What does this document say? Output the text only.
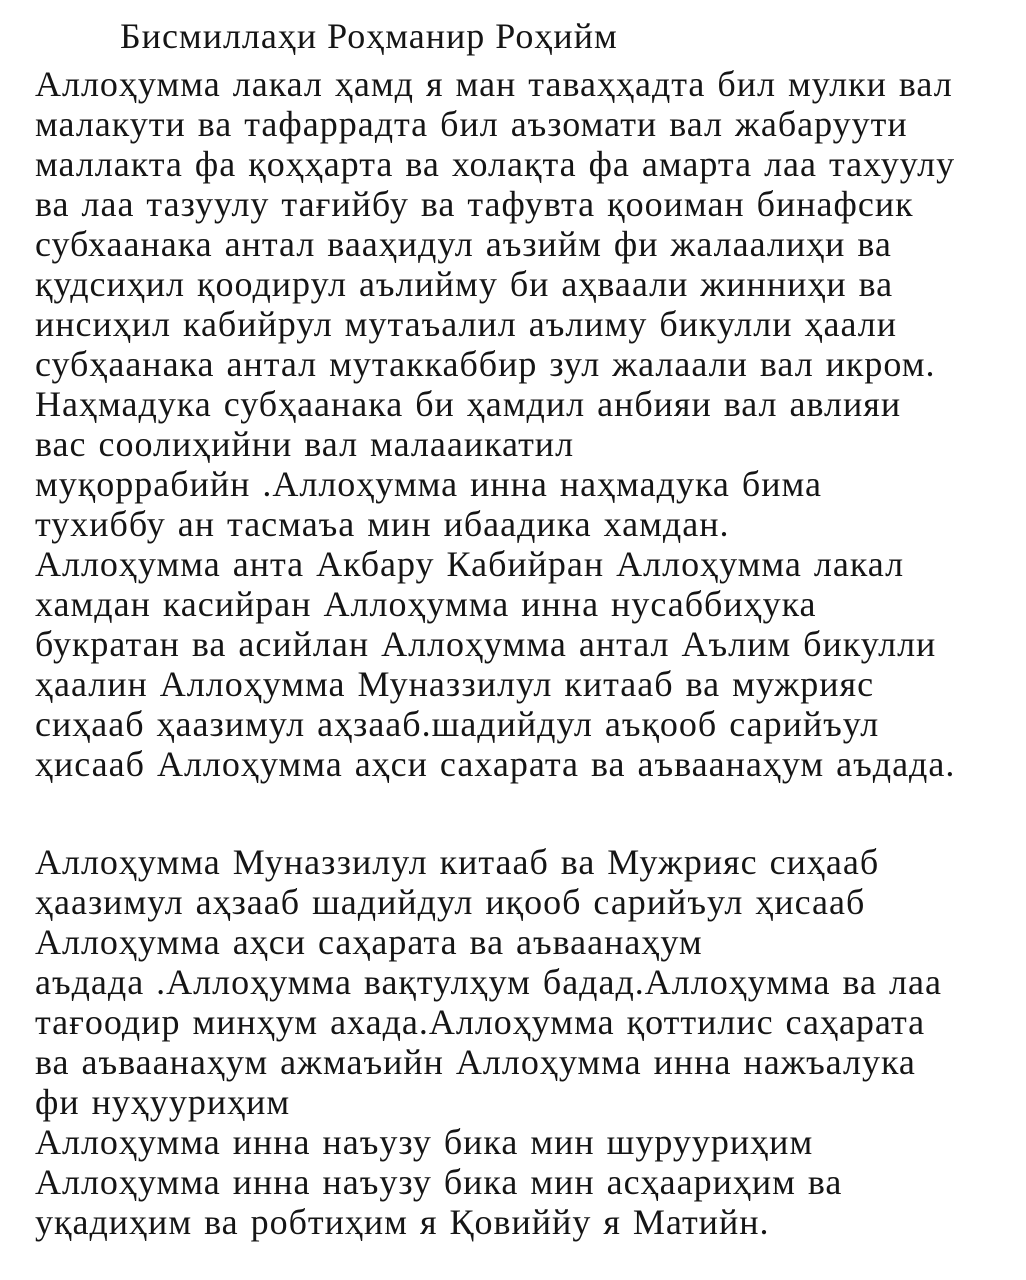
Бисмиллаҳи Роҳманир Роҳийм
Аллоҳумма лакал ҳамд я ман таваҳҳадта бил мулки вал
малакути ва тафаррадта бил аъзомати вал жабаруути
маллакта фа қоҳҳарта ва холақта фа амарта лаа тахуулу
ва лаа тазуулу тағийбу ва тафувта қооиман бинафсик
субхаанака антал вааҳидул аъзийм фи жалаалиҳи ва
қудсиҳил қоодирул аълийму би аҳваали жинниҳи ва
инсиҳил кабийрул мутаъалил аълиму бикулли ҳаали
субҳаанака антал мутаккаббир зул жалаали вал икром.
Наҳмадука субҳаанака би ҳамдил анбияи вал авлияи
вас соолиҳийни вал малааикатил
муқоррабийн .Аллоҳумма инна наҳмадука бима
тухиббу ан тасмаъа мин ибаадика хамдан.
Аллоҳумма анта Акбару Кабийран Аллоҳумма лакал
хамдан касийран Аллоҳумма инна нусаббиҳука
букратан ва асийлан Аллоҳумма антал Аълим бикулли
ҳаалин Аллоҳумма Муназзилул китааб ва мужрияс
сиҳааб ҳаазимул аҳзааб.шадийдул аъқооб сарийъул
ҳисааб Аллоҳумма аҳси сахарата ва аъваанаҳум аъдада.
Аллоҳумма Муназзилул китааб ва Мужрияс сиҳааб
ҳаазимул аҳзааб шадийдул иқооб сарийъул ҳисааб
Аллоҳумма аҳси саҳарата ва аъваанаҳум
аъдада .Аллоҳумма вақтулҳум бадад.Аллоҳумма ва лаа
тағоодир минҳум ахада.Аллоҳумма қоттилис саҳарата
ва аъваанаҳум ажмаъийн Аллоҳумма инна нажъалука
фи нуҳууриҳим
Аллоҳумма инна наъузу бика мин шурууриҳим
Аллоҳумма инна наъузу бика мин асҳаариҳим ва
уқадиҳим ва робтиҳим я Қовиййу я Матийн.
